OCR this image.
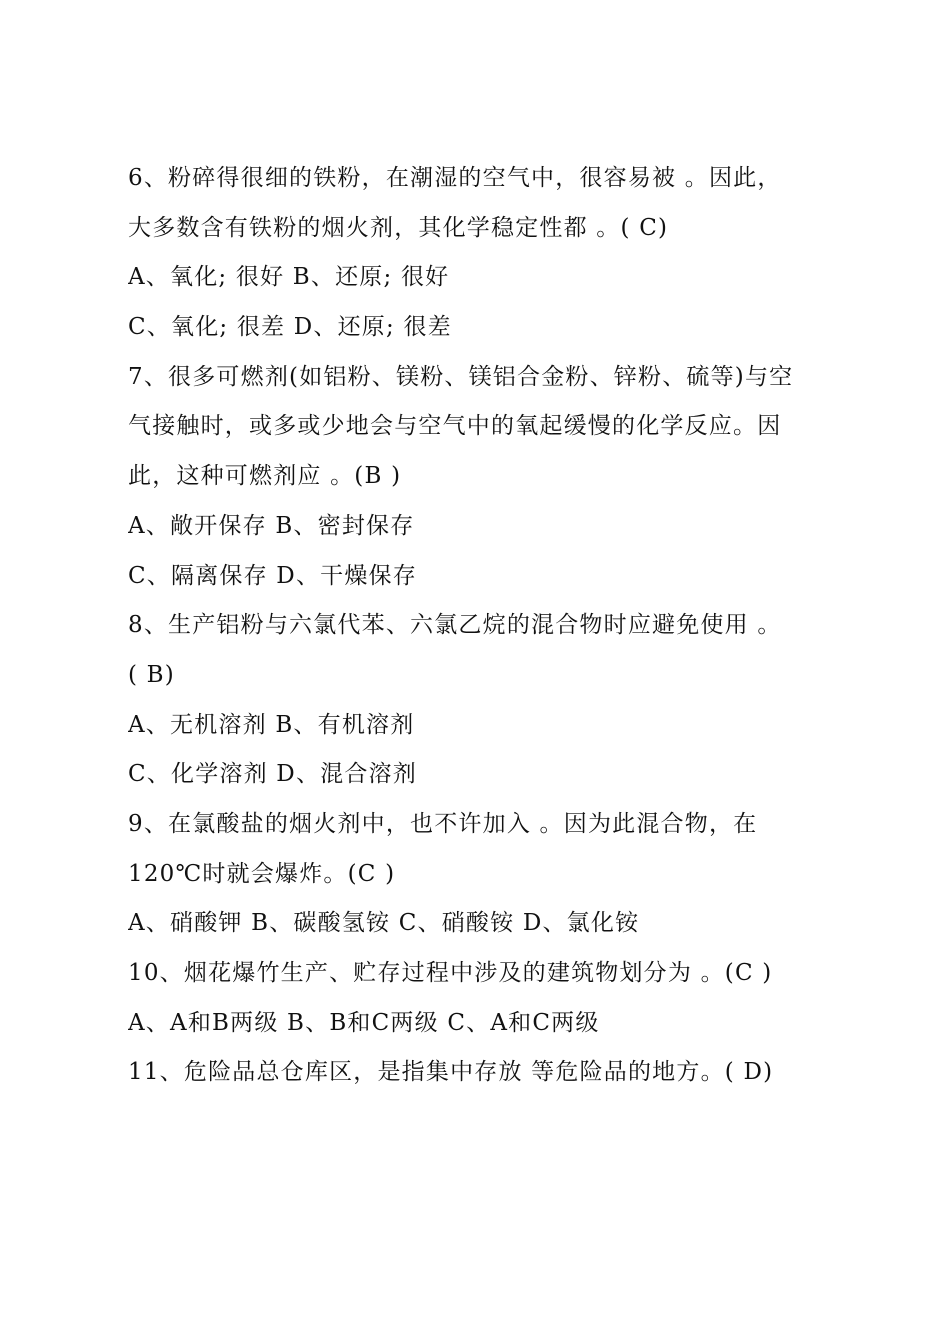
6、粉碎得很细的铁粉，在潮湿的空气中，很容易被 。因此，
大多数含有铁粉的烟火剂，其化学稳定性都 。( C)
A、氧化; 很好 B、还原; 很好
C、氧化; 很差 D、还原; 很差
7、很多可燃剂(如铝粉、镁粉、镁铝合金粉、锌粉、硫等)与空
气接触时，或多或少地会与空气中的氧起缓慢的化学反应。因
此，这种可燃剂应 。(B )
A、敞开保存 B、密封保存
C、隔离保存 D、干燥保存
8、生产铝粉与六氯代苯、六氯乙烷的混合物时应避免使用 。
( B)
A、无机溶剂 B、有机溶剂
C、化学溶剂 D、混合溶剂
9、在氯酸盐的烟火剂中，也不许加入 。因为此混合物，在
120℃时就会爆炸。(C )
A、硝酸钾 B、碳酸氢铵 C、硝酸铵 D、氯化铵
10、烟花爆竹生产、贮存过程中涉及的建筑物划分为 。(C )
A、A和B两级 B、B和C两级 C、A和C两级
11、危险品总仓库区，是指集中存放 等危险品的地方。( D)
